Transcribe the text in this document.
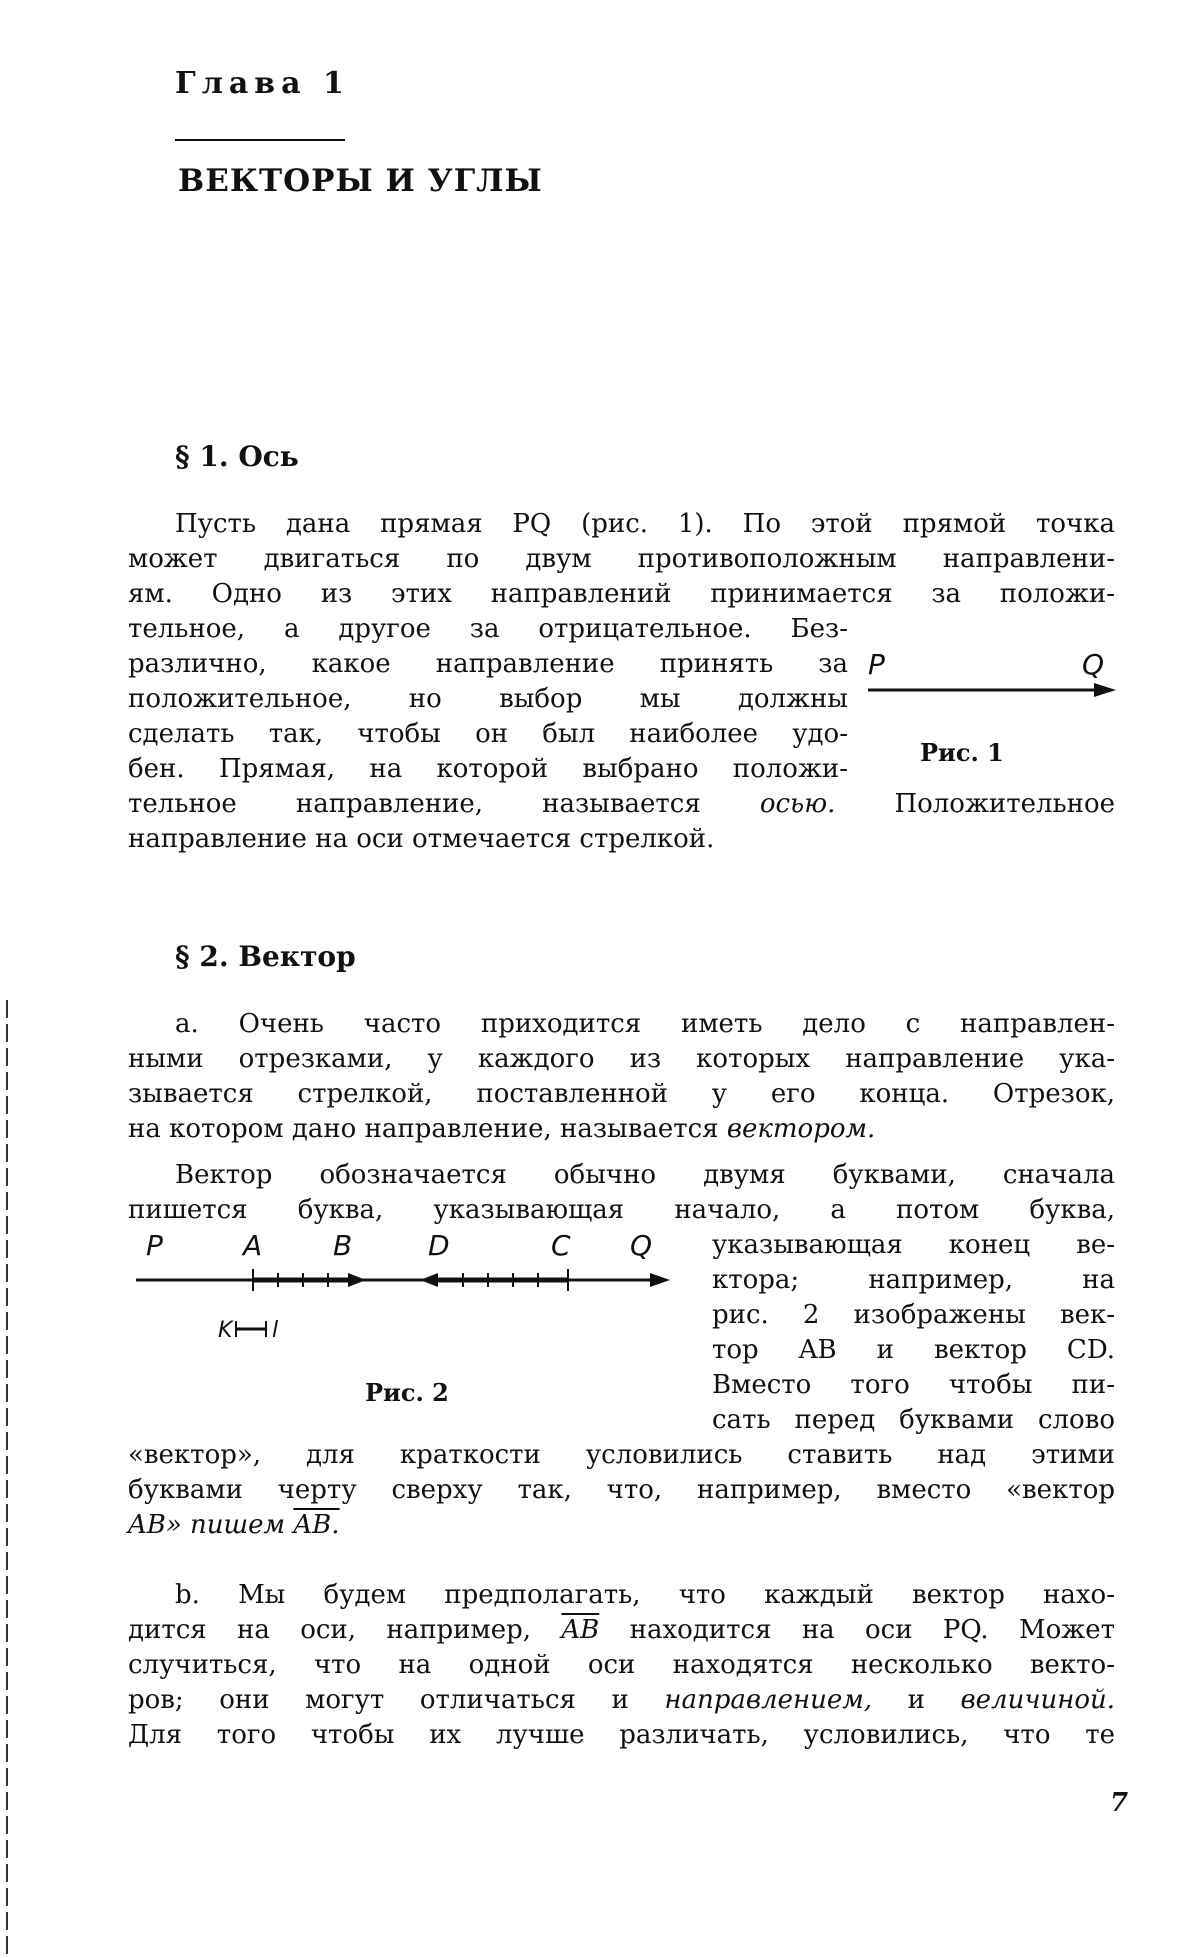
Глава 1
ВЕКТОРЫ И УГЛЫ
§ 1. Ось
Пусть дана прямая PQ (рис. 1). По этой прямой точка
может двигаться по двум противоположным направлени-
ям. Одно из этих направлений принимается за положи-
тельное, а другое за отрицательное. Без-
различно, какое направление принять за
положительное, но выбор мы должны
сделать так, чтобы он был наиболее удо-
бен. Прямая, на которой выбрано положи-
тельное направление, называется осью. Положительное
направление на оси отмечается стрелкой.
P	Q
Рис. 1
§ 2. Вектор
а. Очень часто приходится иметь дело с направлен-
ными отрезками, у каждого из которых направление ука-
зывается стрелкой, поставленной у его конца. Отрезок,
на котором дано направление, называется вектором.
Вектор обозначается обычно двумя буквами, сначала
пишется буква, указывающая начало, а потом буква,
указывающая конец ве-
ктора; например, на
рис. 2 изображены век-
тор AB и вектор CD.
Вместо того чтобы пи-
сать перед буквами слово
«вектор», для краткости условились ставить над этими
буквами черту сверху так, что, например, вместо «вектор
AB» пишем AB.
P	A	B	D	C Q
K l
Рис. 2
b. Мы будем предполагать, что каждый вектор нахо-
дится на оси, например, $\overline{AB}$ находится на оси PQ. Может
случиться, что на одной оси находятся несколько векто-
ров; они могут отличаться и направлением, и величиной.
Для того чтобы их лучше различать, условились, что те
7
